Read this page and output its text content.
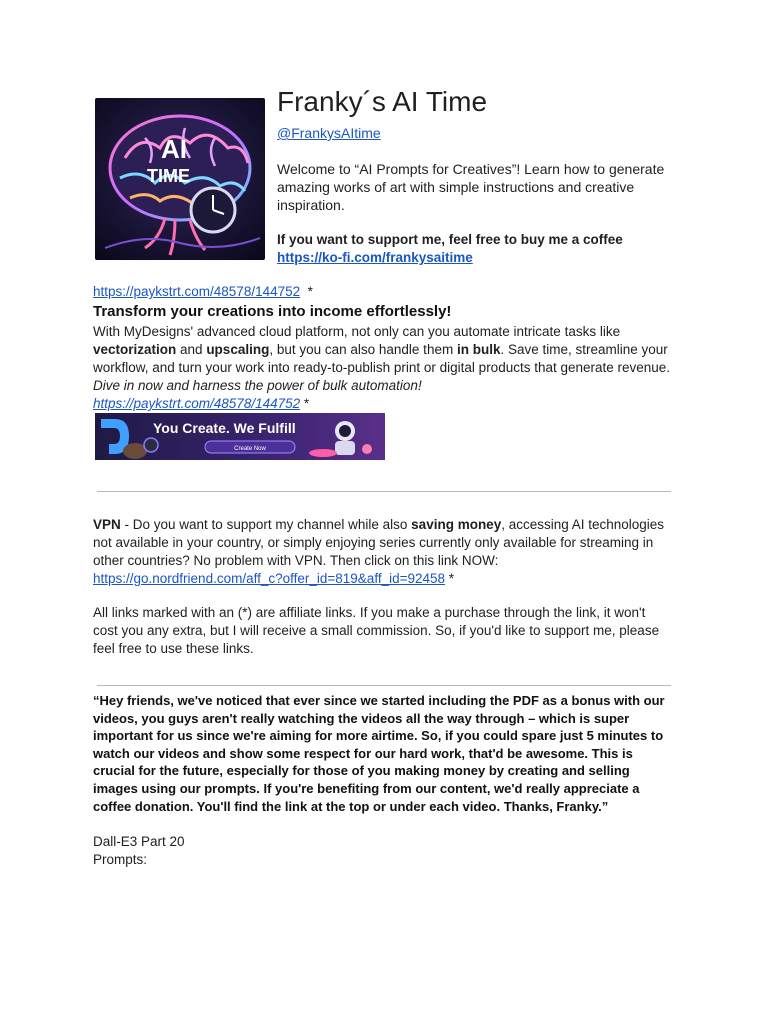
AI
TIME
Franky´s AI Time
@FrankysAItime
Welcome to “AI Prompts for Creatives”! Learn how to generate amazing works of art with simple instructions and creative inspiration.
If you want to support me, feel free to buy me a coffee
https://ko-fi.com/frankysaitime
https://paykstrt.com/48578/144752 *
Transform your creations into income effortlessly!
With MyDesigns' advanced cloud platform, not only can you automate intricate tasks like vectorization and upscaling, but you can also handle them in bulk. Save time, streamline your workflow, and turn your work into ready-to-publish print or digital products that generate revenue.
Dive in now and harness the power of bulk automation!
https://paykstrt.com/48578/144752 *
You Create. We Fulfill
Create Now
VPN - Do you want to support my channel while also saving money, accessing AI technologies not available in your country, or simply enjoying series currently only available for streaming in other countries? No problem with VPN. Then click on this link NOW: https://go.nordfriend.com/aff_c?offer_id=819&aff_id=92458 *
All links marked with an (*) are affiliate links. If you make a purchase through the link, it won't cost you any extra, but I will receive a small commission. So, if you'd like to support me, please feel free to use these links.
“Hey friends, we've noticed that ever since we started including the PDF as a bonus with our videos, you guys aren't really watching the videos all the way through – which is super important for us since we're aiming for more airtime. So, if you could spare just 5 minutes to watch our videos and show some respect for our hard work, that'd be awesome. This is crucial for the future, especially for those of you making money by creating and selling images using our prompts. If you're benefiting from our content, we'd really appreciate a coffee donation. You'll find the link at the top or under each video. Thanks, Franky.”
Dall-E3 Part 20
Prompts:
